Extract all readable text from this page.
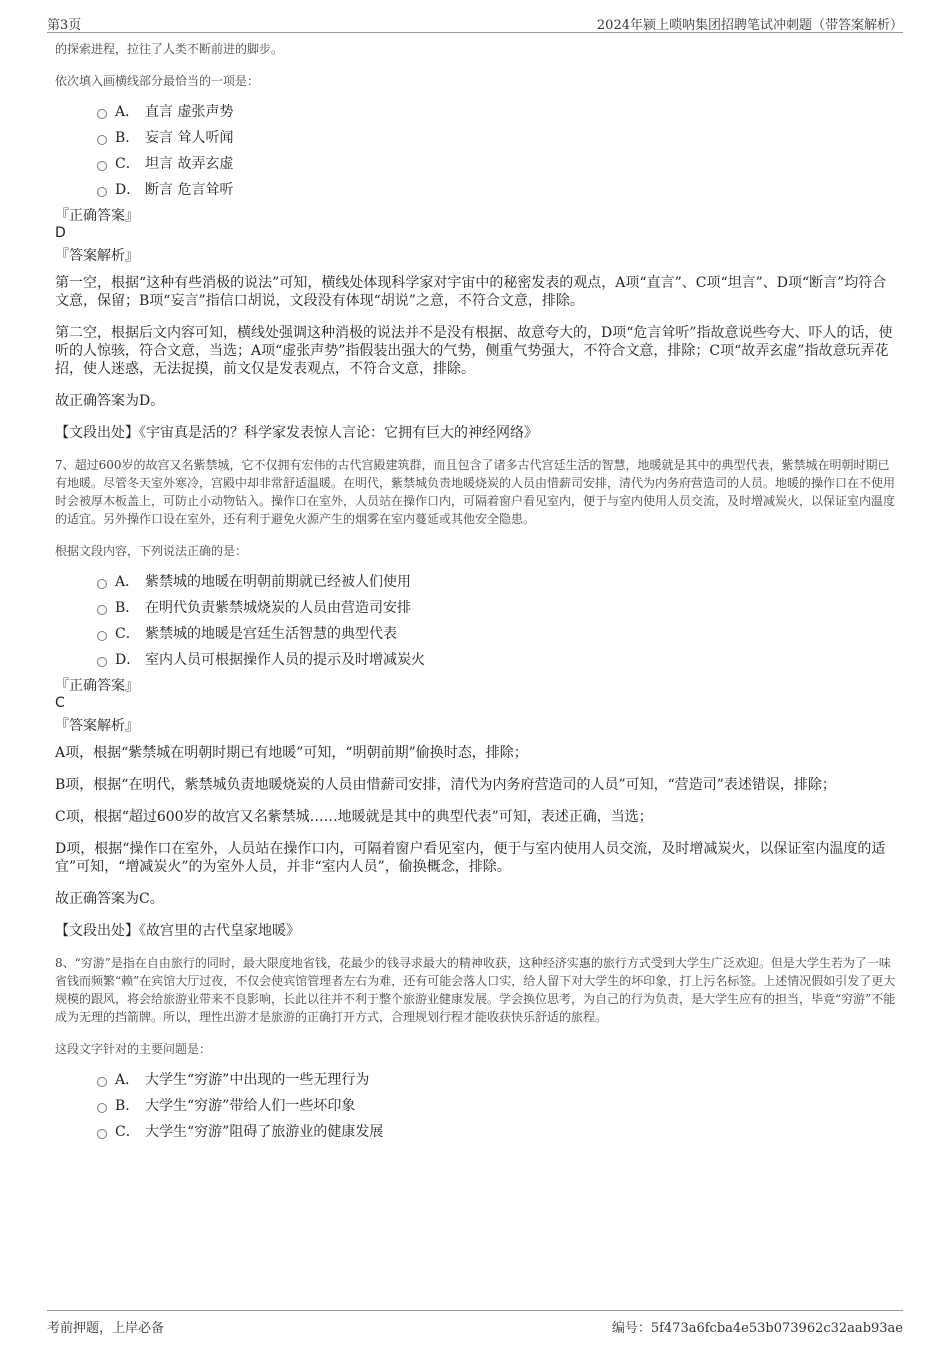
第3页	2024年颍上唢呐集团招聘笔试冲刺题（带答案解析）

的探索进程，拉往了人类不断前进的脚步。

依次填入画横线部分最恰当的一项是：

A． 直言 虚张声势
B． 妄言 耸人听闻
C． 坦言 故弄玄虚
D． 断言 危言耸听
『正确答案』
D
『答案解析』

第一空，根据“这种有些消极的说法”可知，横线处体现科学家对宇宙中的秘密发表的观点，A项“直言”、C项“坦言”、D项“断言”均符合文意，保留；B项“妄言”指信口胡说，文段没有体现“胡说”之意，不符合文意，排除。

第二空，根据后文内容可知，横线处强调这种消极的说法并不是没有根据、故意夸大的，D项“危言耸听”指故意说些夸大、吓人的话，使听的人惊骇，符合文意，当选；A项“虚张声势”指假装出强大的气势，侧重气势强大，不符合文意，排除；C项“故弄玄虚”指故意玩弄花招，使人迷惑，无法捉摸，前文仅是发表观点，不符合文意，排除。

故正确答案为D。

【文段出处】《宇宙真是活的？科学家发表惊人言论：它拥有巨大的神经网络》

7、超过600岁的故宫又名紫禁城，它不仅拥有宏伟的古代宫殿建筑群，而且包含了诸多古代宫廷生活的智慧，地暖就是其中的典型代表，紫禁城在明朝时期已有地暖。尽管冬天室外寒冷，宫殿中却非常舒适温暖。在明代，紫禁城负责地暖烧炭的人员由惜薪司安排，清代为内务府营造司的人员。地暖的操作口在不使用时会被厚木板盖上，可防止小动物钻入。操作口在室外，人员站在操作口内，可隔着窗户看见室内，便于与室内使用人员交流，及时增减炭火，以保证室内温度的适宜。另外操作口设在室外，还有利于避免火源产生的烟雾在室内蔓延或其他安全隐患。

根据文段内容，下列说法正确的是：

A． 紫禁城的地暖在明朝前期就已经被人们使用
B． 在明代负责紫禁城烧炭的人员由营造司安排
C． 紫禁城的地暖是宫廷生活智慧的典型代表
D． 室内人员可根据操作人员的提示及时增减炭火
『正确答案』
C
『答案解析』

A项，根据“紫禁城在明朝时期已有地暖”可知，“明朝前期”偷换时态，排除；

B项，根据“在明代，紫禁城负责地暖烧炭的人员由惜薪司安排，清代为内务府营造司的人员”可知，“营造司”表述错误，排除；

C项，根据“超过600岁的故宫又名紫禁城……地暖就是其中的典型代表”可知，表述正确，当选；

D项，根据“操作口在室外，人员站在操作口内，可隔着窗户看见室内，便于与室内使用人员交流，及时增减炭火，以保证室内温度的适宜”可知，“增减炭火”的为室外人员，并非“室内人员”，偷换概念，排除。

故正确答案为C。

【文段出处】《故宫里的古代皇家地暖》

8、“穷游”是指在自由旅行的同时，最大限度地省钱，花最少的钱寻求最大的精神收获，这种经济实惠的旅行方式受到大学生广泛欢迎。但是大学生若为了一味省钱而频繁“赖”在宾馆大厅过夜，不仅会使宾馆管理者左右为难，还有可能会落人口实，给人留下对大学生的坏印象，打上污名标签。上述情况假如引发了更大规模的跟风，将会给旅游业带来不良影响，长此以往并不利于整个旅游业健康发展。学会换位思考，为自己的行为负责，是大学生应有的担当，毕竟“穷游”不能成为无理的挡箭牌。所以，理性出游才是旅游的正确打开方式，合理规划行程才能收获快乐舒适的旅程。

这段文字针对的主要问题是：

A． 大学生“穷游”中出现的一些无理行为
B． 大学生“穷游”带给人们一些坏印象
C． 大学生“穷游”阻碍了旅游业的健康发展
考前押题，上岸必备	编号：5f473a6fcba4e53b073962c32aab93ae
